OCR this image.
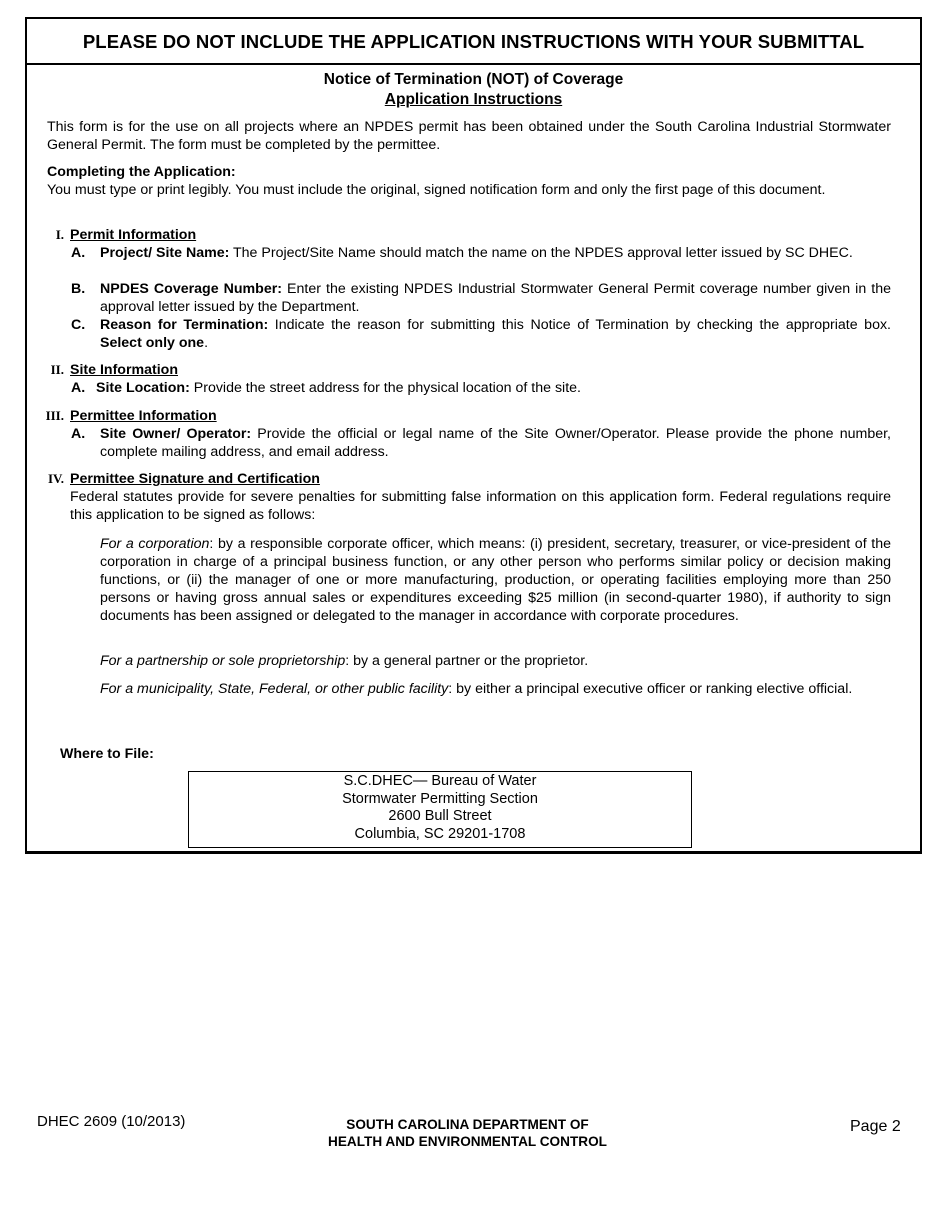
PLEASE DO NOT INCLUDE THE APPLICATION INSTRUCTIONS WITH YOUR SUBMITTAL
Notice of Termination (NOT) of Coverage
Application Instructions
This form is for the use on all projects where an NPDES permit has been obtained under the South Carolina Industrial Stormwater General Permit. The form must be completed by the permittee.
Completing the Application:
You must type or print legibly. You must include the original, signed notification form and only the first page of this document.
I. Permit Information
A. Project/ Site Name: The Project/Site Name should match the name on the NPDES approval letter issued by SC DHEC.
B. NPDES Coverage Number: Enter the existing NPDES Industrial Stormwater General Permit coverage number given in the approval letter issued by the Department.
C. Reason for Termination: Indicate the reason for submitting this Notice of Termination by checking the appropriate box. Select only one.
II. Site Information
A. Site Location: Provide the street address for the physical location of the site.
III. Permittee Information
A. Site Owner/ Operator: Provide the official or legal name of the Site Owner/Operator. Please provide the phone number, complete mailing address, and email address.
IV. Permittee Signature and Certification
Federal statutes provide for severe penalties for submitting false information on this application form. Federal regulations require this application to be signed as follows:
For a corporation: by a responsible corporate officer, which means: (i) president, secretary, treasurer, or vice-president of the corporation in charge of a principal business function, or any other person who performs similar policy or decision making functions, or (ii) the manager of one or more manufacturing, production, or operating facilities employing more than 250 persons or having gross annual sales or expenditures exceeding $25 million (in second-quarter 1980), if authority to sign documents has been assigned or delegated to the manager in accordance with corporate procedures.
For a partnership or sole proprietorship: by a general partner or the proprietor.
For a municipality, State, Federal, or other public facility: by either a principal executive officer or ranking elective official.
Where to File:
S.C.DHEC— Bureau of Water
Stormwater Permitting Section
2600 Bull Street
Columbia, SC 29201-1708
DHEC 2609 (10/2013)	SOUTH CAROLINA DEPARTMENT OF
HEALTH AND ENVIRONMENTAL CONTROL
Page 2
